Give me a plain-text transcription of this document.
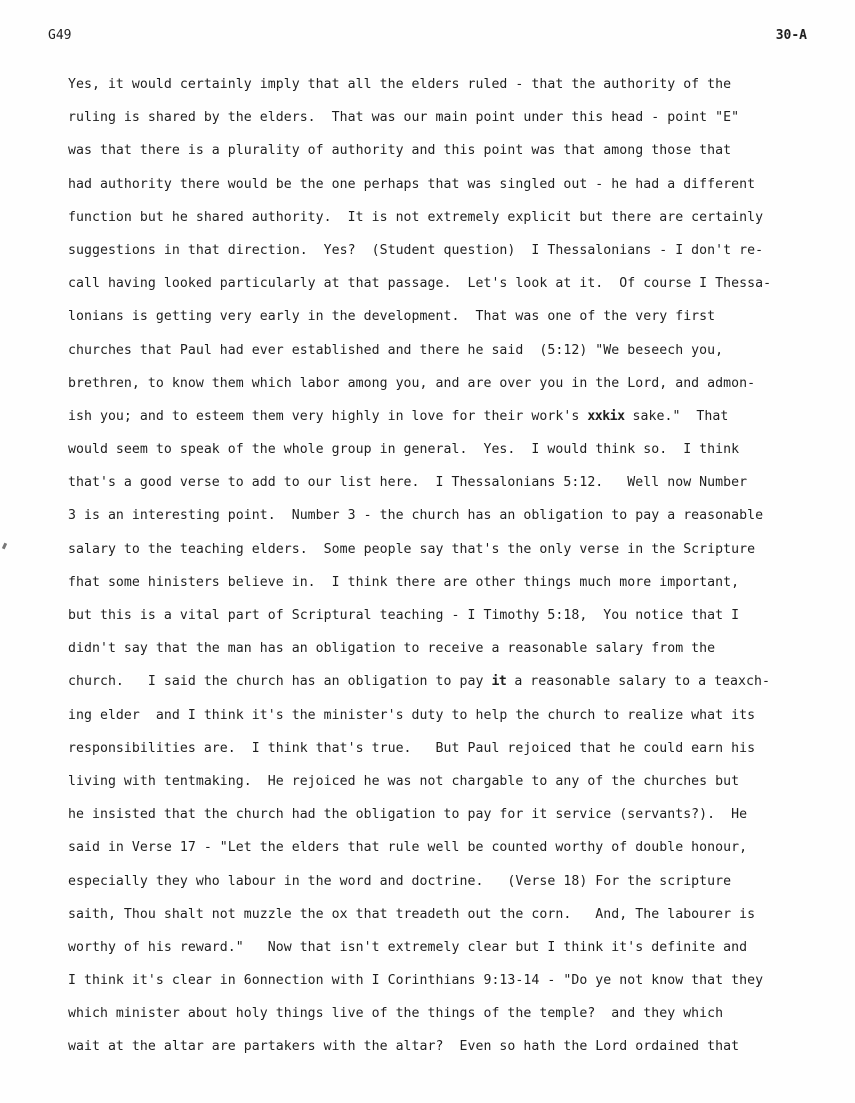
G49	30-A
Yes, it would certainly imply that all the elders ruled - that the authority of the
ruling is shared by the elders.  That was our main point under this head - point "E"
was that there is a plurality of authority and this point was that among those that
had authority there would be the one perhaps that was singled out - he had a different
function but he shared authority.  It is not extremely explicit but there are certainly
suggestions in that direction.  Yes?  (Student question)  I Thessalonians - I don't re-
call having looked particularly at that passage.  Let's look at it.  Of course I Thessa-
lonians is getting very early in the development.  That was one of the very first
churches that Paul had ever established and there he said  (5:12) "We beseech you,
brethren, to know them which labor among you, and are over you in the Lord, and admon-
ish you; and to esteem them very highly in love for their work's xxkix sake."  That
would seem to speak of the whole group in general.  Yes.  I would think so.  I think
that's a good verse to add to our list here.  I Thessalonians 5:12.   Well now Number
3 is an interesting point.  Number 3 - the church has an obligation to pay a reasonable
salary to the teaching elders.  Some people say that's the only verse in the Scripture
fhat some hinisters believe in.  I think there are other things much more important,
but this is a vital part of Scriptural teaching - I Timothy 5:18,  You notice that I
didn't say that the man has an obligation to receive a reasonable salary from the
church.   I said the church has an obligation to pay it a reasonable salary to a teaxch-
ing elder  and I think it's the minister's duty to help the church to realize what its
responsibilities are.  I think that's true.   But Paul rejoiced that he could earn his
living with tentmaking.  He rejoiced he was not chargable to any of the churches but
he insisted that the church had the obligation to pay for it service (servants?).  He
said in Verse 17 - "Let the elders that rule well be counted worthy of double honour,
especially they who labour in the word and doctrine.   (Verse 18) For the scripture
saith, Thou shalt not muzzle the ox that treadeth out the corn.   And, The labourer is
worthy of his reward."   Now that isn't extremely clear but I think it's definite and
I think it's clear in 6onnection with I Corinthians 9:13-14 - "Do ye not know that they
which minister about holy things live of the things of the temple?  and they which
wait at the altar are partakers with the altar?  Even so hath the Lord ordained that
